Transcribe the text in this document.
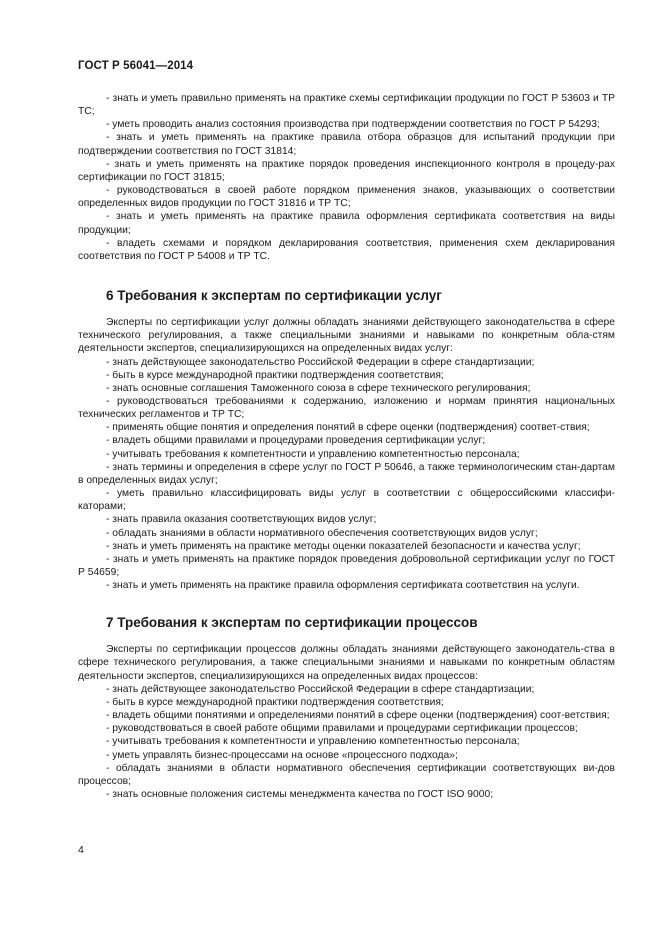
ГОСТ Р 56041—2014

- знать и уметь правильно применять на практике схемы сертификации продукции по ГОСТ Р 53603 и ТР ТС;

- уметь проводить анализ состояния производства при подтверждении соответствия по ГОСТ Р 54293;

- знать и уметь применять на практике правила отбора образцов для испытаний продукции при подтверждении соответствия по ГОСТ 31814;

- знать и уметь применять на практике порядок проведения инспекционного контроля в процеду-рах сертификации по ГОСТ 31815;

- руководствоваться в своей работе порядком применения знаков, указывающих о соответствии определенных видов продукции по ГОСТ 31816 и ТР ТС;

- знать и уметь применять на практике правила оформления сертификата соответствия на виды продукции;

- владеть схемами и порядком декларирования соответствия, применения схем декларирования соответствия по ГОСТ Р 54008 и ТР ТС.

6 Требования к экспертам по сертификации услуг

Эксперты по сертификации услуг должны обладать знаниями действующего законодательства в сфере технического регулирования, а также специальными знаниями и навыками по конкретным обла-стям деятельности экспертов, специализирующихся на определенных видах услуг:

- знать действующее законодательство Российской Федерации в сфере стандартизации;

- быть в курсе международной практики подтверждения соответствия;

- знать основные соглашения Таможенного союза в сфере технического регулирования;

- руководствоваться требованиями к содержанию, изложению и нормам принятия национальных технических регламентов и ТР ТС;

- применять общие понятия и определения понятий в сфере оценки (подтверждения) соответ-ствия;

- владеть общими правилами и процедурами проведения сертификации услуг;

- учитывать требования к компетентности и управлению компетентностью персонала;

- знать термины и определения в сфере услуг по ГОСТ Р 50646, а также терминологическим стан-дартам в определенных видах услуг;

- уметь правильно классифицировать виды услуг в соответствии с общероссийскими классифи-каторами;

- знать правила оказания соответствующих видов услуг;

- обладать знаниями в области нормативного обеспечения соответствующих видов услуг;

- знать и уметь применять на практике методы оценки показателей безопасности и качества услуг;

- знать и уметь применять на практике порядок проведения добровольной сертификации услуг по ГОСТ Р 54659;

- знать и уметь применять на практике правила оформления сертификата соответствия на услуги.

7 Требования к экспертам по сертификации процессов

Эксперты по сертификации процессов должны обладать знаниями действующего законодатель-ства в сфере технического регулирования, а также специальными знаниями и навыками по конкретным областям деятельности экспертов, специализирующихся на определенных видах процессов:

- знать действующее законодательство Российской Федерации в сфере стандартизации;

- быть в курсе международной практики подтверждения соответствия;

- владеть общими понятиями и определениями понятий в сфере оценки (подтверждения) соот-ветствия;

- руководствоваться в своей работе общими правилами и процедурами сертификации процессов;

- учитывать требования к компетентности и управлению компетентностью персонала;

- уметь управлять бизнес-процессами на основе «процессного подхода»;

- обладать знаниями в области нормативного обеспечения сертификации соответствующих ви-дов процессов;

- знать основные положения системы менеджмента качества по ГОСТ ISO 9000;

4
